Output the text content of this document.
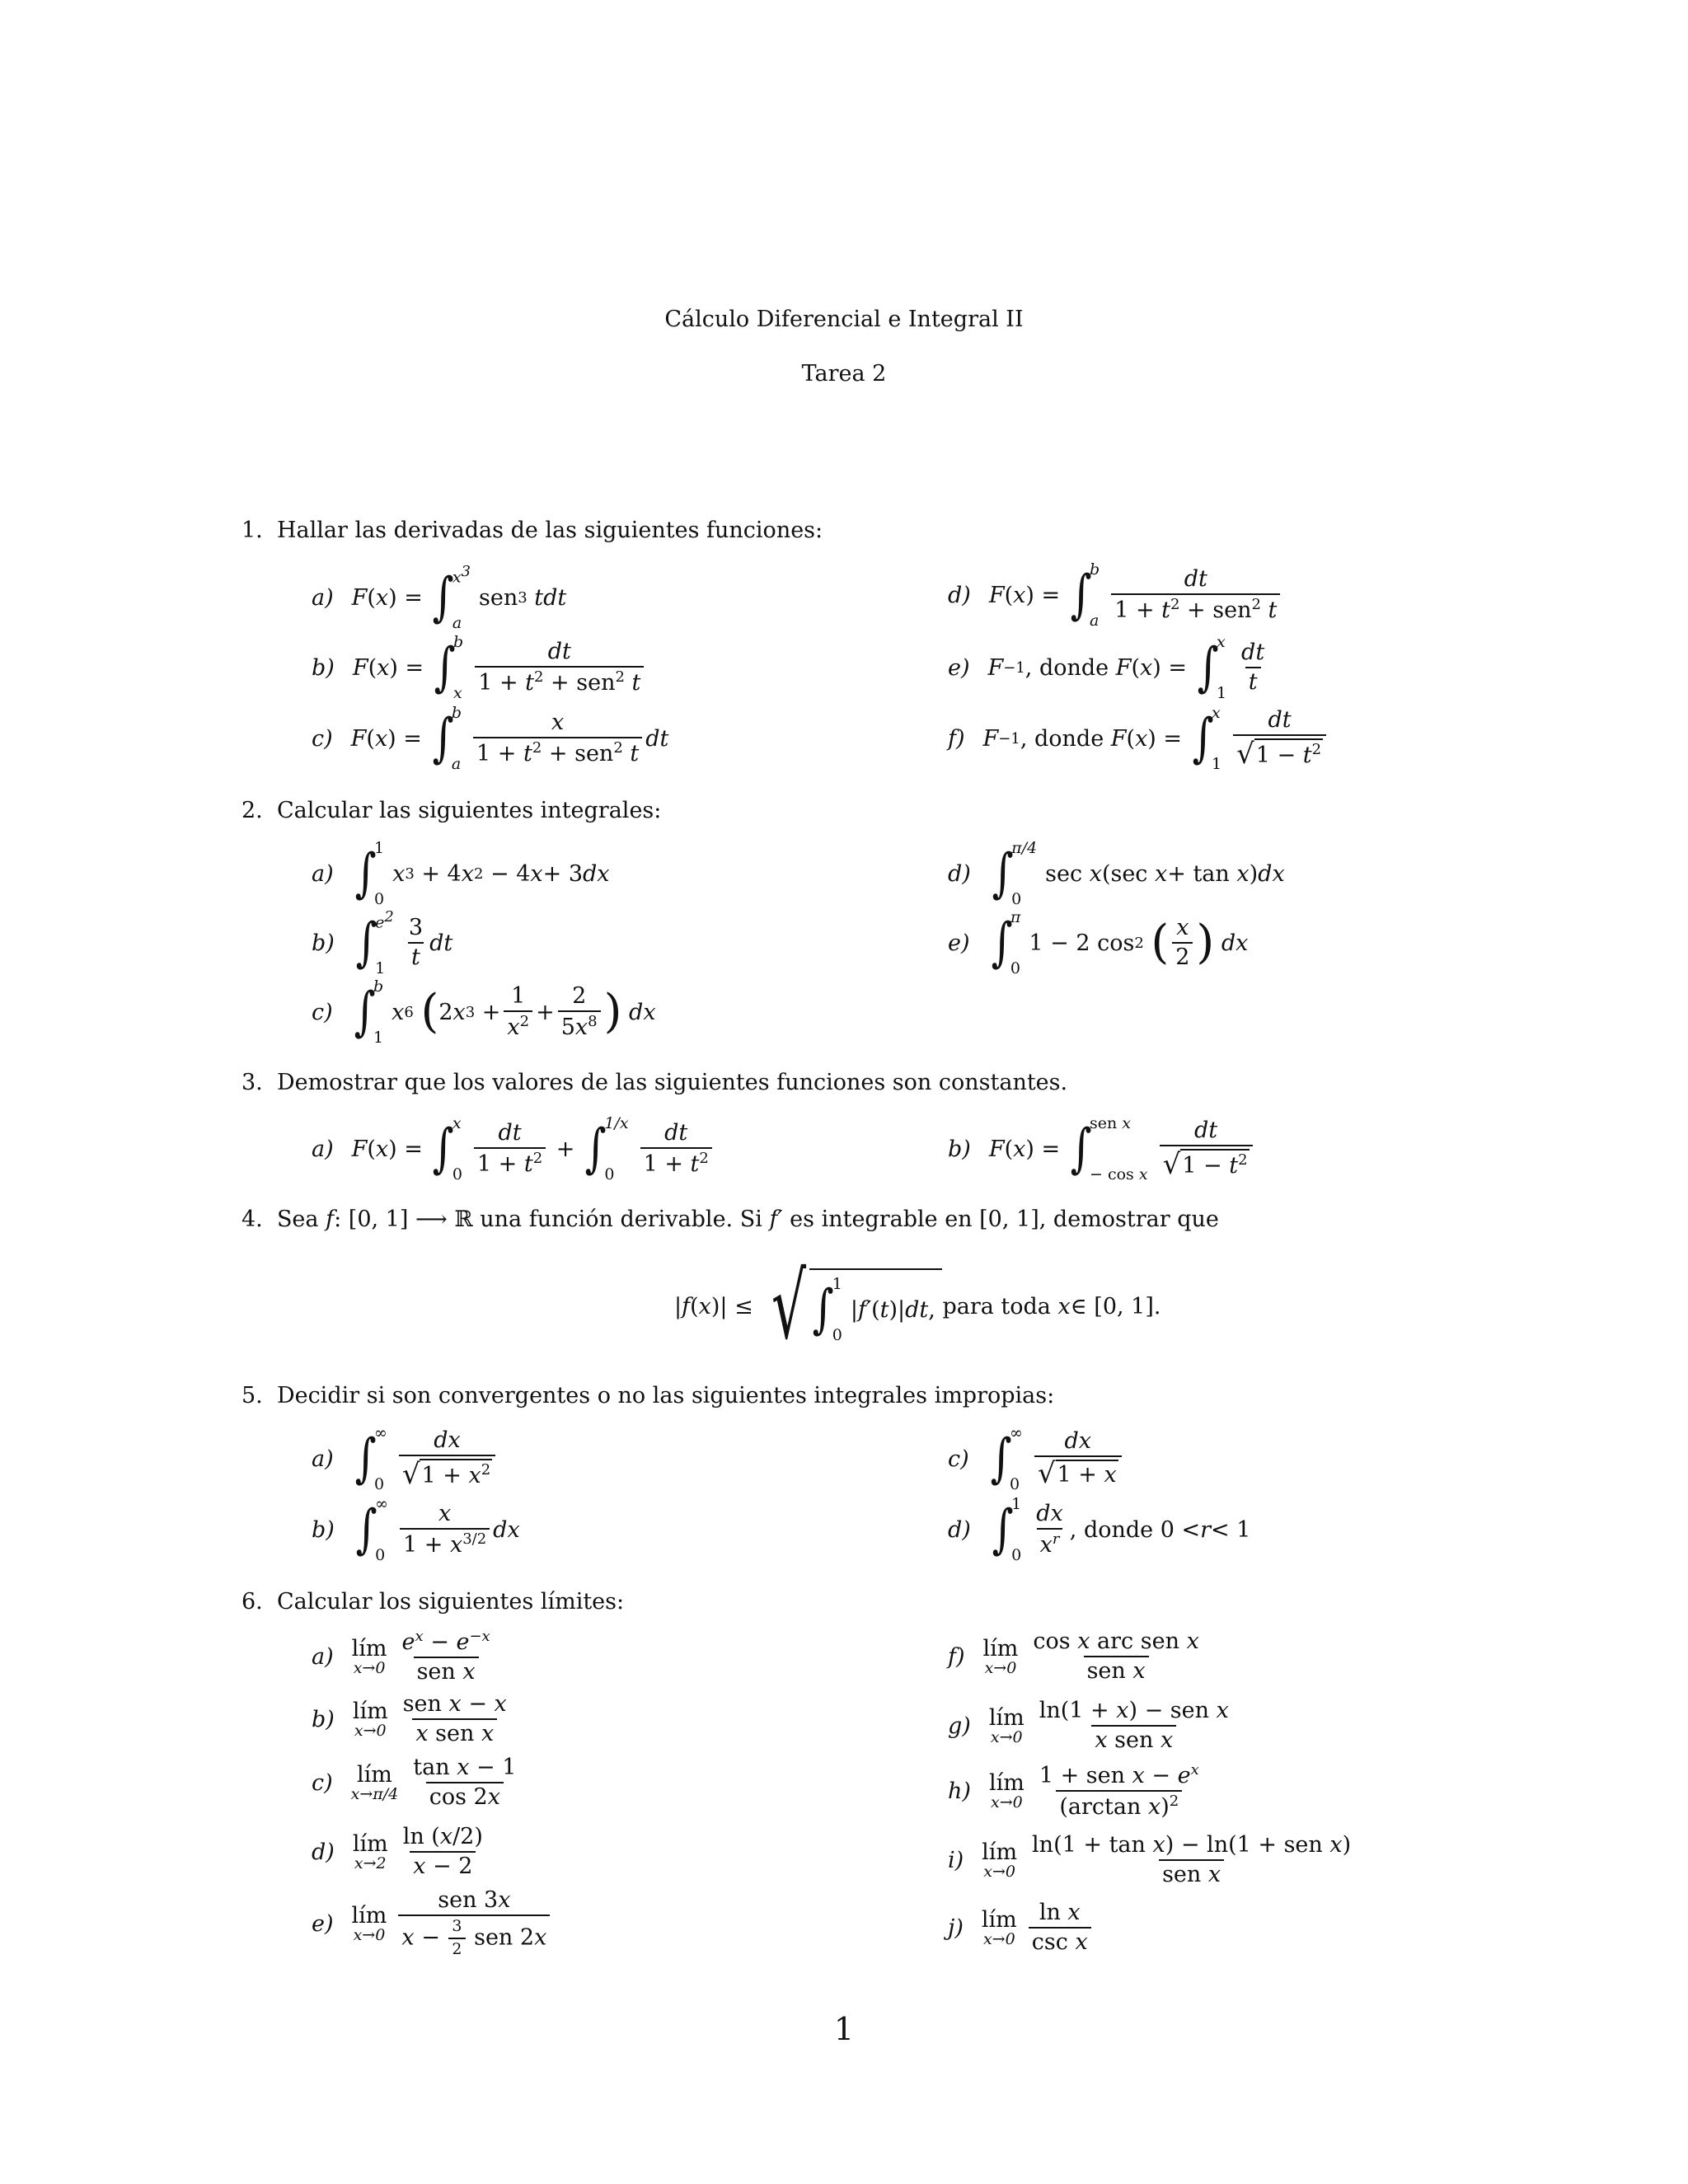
Cálculo Diferencial e Integral II
Tarea 2
1. Hallar las derivadas de las siguientes funciones:
a) F ( x ) = ∫
$x^3$
a
sen 3
tdt	d) F ( x ) = ∫
b
a $\frac{dt}{1 + t^2 + sen^2 t}$
b) F ( x ) = ∫
b
x $\frac{dt}{1 + t^2 + sen^2 t}$	e) F −1 , donde
F ( x ) = ∫
x
$1 \frac{dt}{t}$
c) F ( x ) = ∫
b
a $\frac{x}{1 + t^2 + sen^2 t}$ dt	f) F −1 , donde
F ( x ) = ∫
x
$1 \frac{dt}{√ 1 - t^2}$
2. Calcular las siguientes integrales:
a) ∫
1
0
x 3 + 4 x 2 − 4 x + 3 dx	d) ∫
π/4
0
sec x (sec x + tan x ) dx
b) ∫
$e^2$
$1 \frac{3}{t}$ dt	e) ∫
π
0
1 − 2 cos 2
( $\frac{x}{2}$ )
dx
c) ∫
b
1
x 6
( 2 x $3 + \frac{1}{x^2} + \frac{2}{5x^8}$ )
dx
3. Demostrar que los valores de las siguientes funciones son constantes.
a) F ( x ) = ∫
x
$0 \frac{dt}{1 + t^2}$ + ∫
1/x
0	$\frac{dt}{1 + t^2}$	b) F ( x ) = ∫
sen x
− cos x $\frac{dt}{√ 1 - t^2}$
4. Sea f: [0, 1] ⟶ ℝ una función derivable. Si f′ es integrable en [0, 1], demostrar que
| f ( x )| ≤ √ ∫
1
0
| f′ ( t )| dt , para toda
x ∈ [0, 1].
5. Decidir si son convergentes o no las siguientes integrales impropias:
a) ∫
∞
$0 \frac{dx}{√ 1 + x^2}$	c) ∫
∞
$0 \frac{dx}{√ 1 + x}$
b) ∫
∞
$0 \frac{x}{1 + x^{3/2}}$ dx	d) ∫
1
$0 \frac{dx}{x^r}$ , donde 0 < r < 1
6. Calcular los siguientes límites:
a) lím
$x\to 0 \frac{e^x - e^{-x}}{\text{sen x}}$	f) lím
$x\to 0 \frac{\text{cos x arc sen x}}{\text{sen x}}$
b) lím
$x\to 0 \frac{\text{sen x − x}}{\text{x sen x}}$	g) lím
$x\to 0 \frac{\text{ln(1 + x) − sen x}}{\text{x sen x}}$
c) lím
$x\to\pi/4 \frac{\text{tan x − 1}}{\cos 2x}$	h) lím
$x\to 0 \frac{1 + sen x - e^x}{(\arctan x)^2}$
d) lím
$x\to 2 \frac{\ln (x/2)}{x - 2}$	i) lím
$x\to 0 \frac{\text{ln(1 + tan x) − ln(1 + sen x)}}{\text{sen x}}$
e) lím
$x\to 0 \frac{\text{sen 3x}}{x - \frac{3}{2} sen 2x}$	j) lím
$x\to 0 \frac{\text{ln x}}{\text{csc x}}$
1
